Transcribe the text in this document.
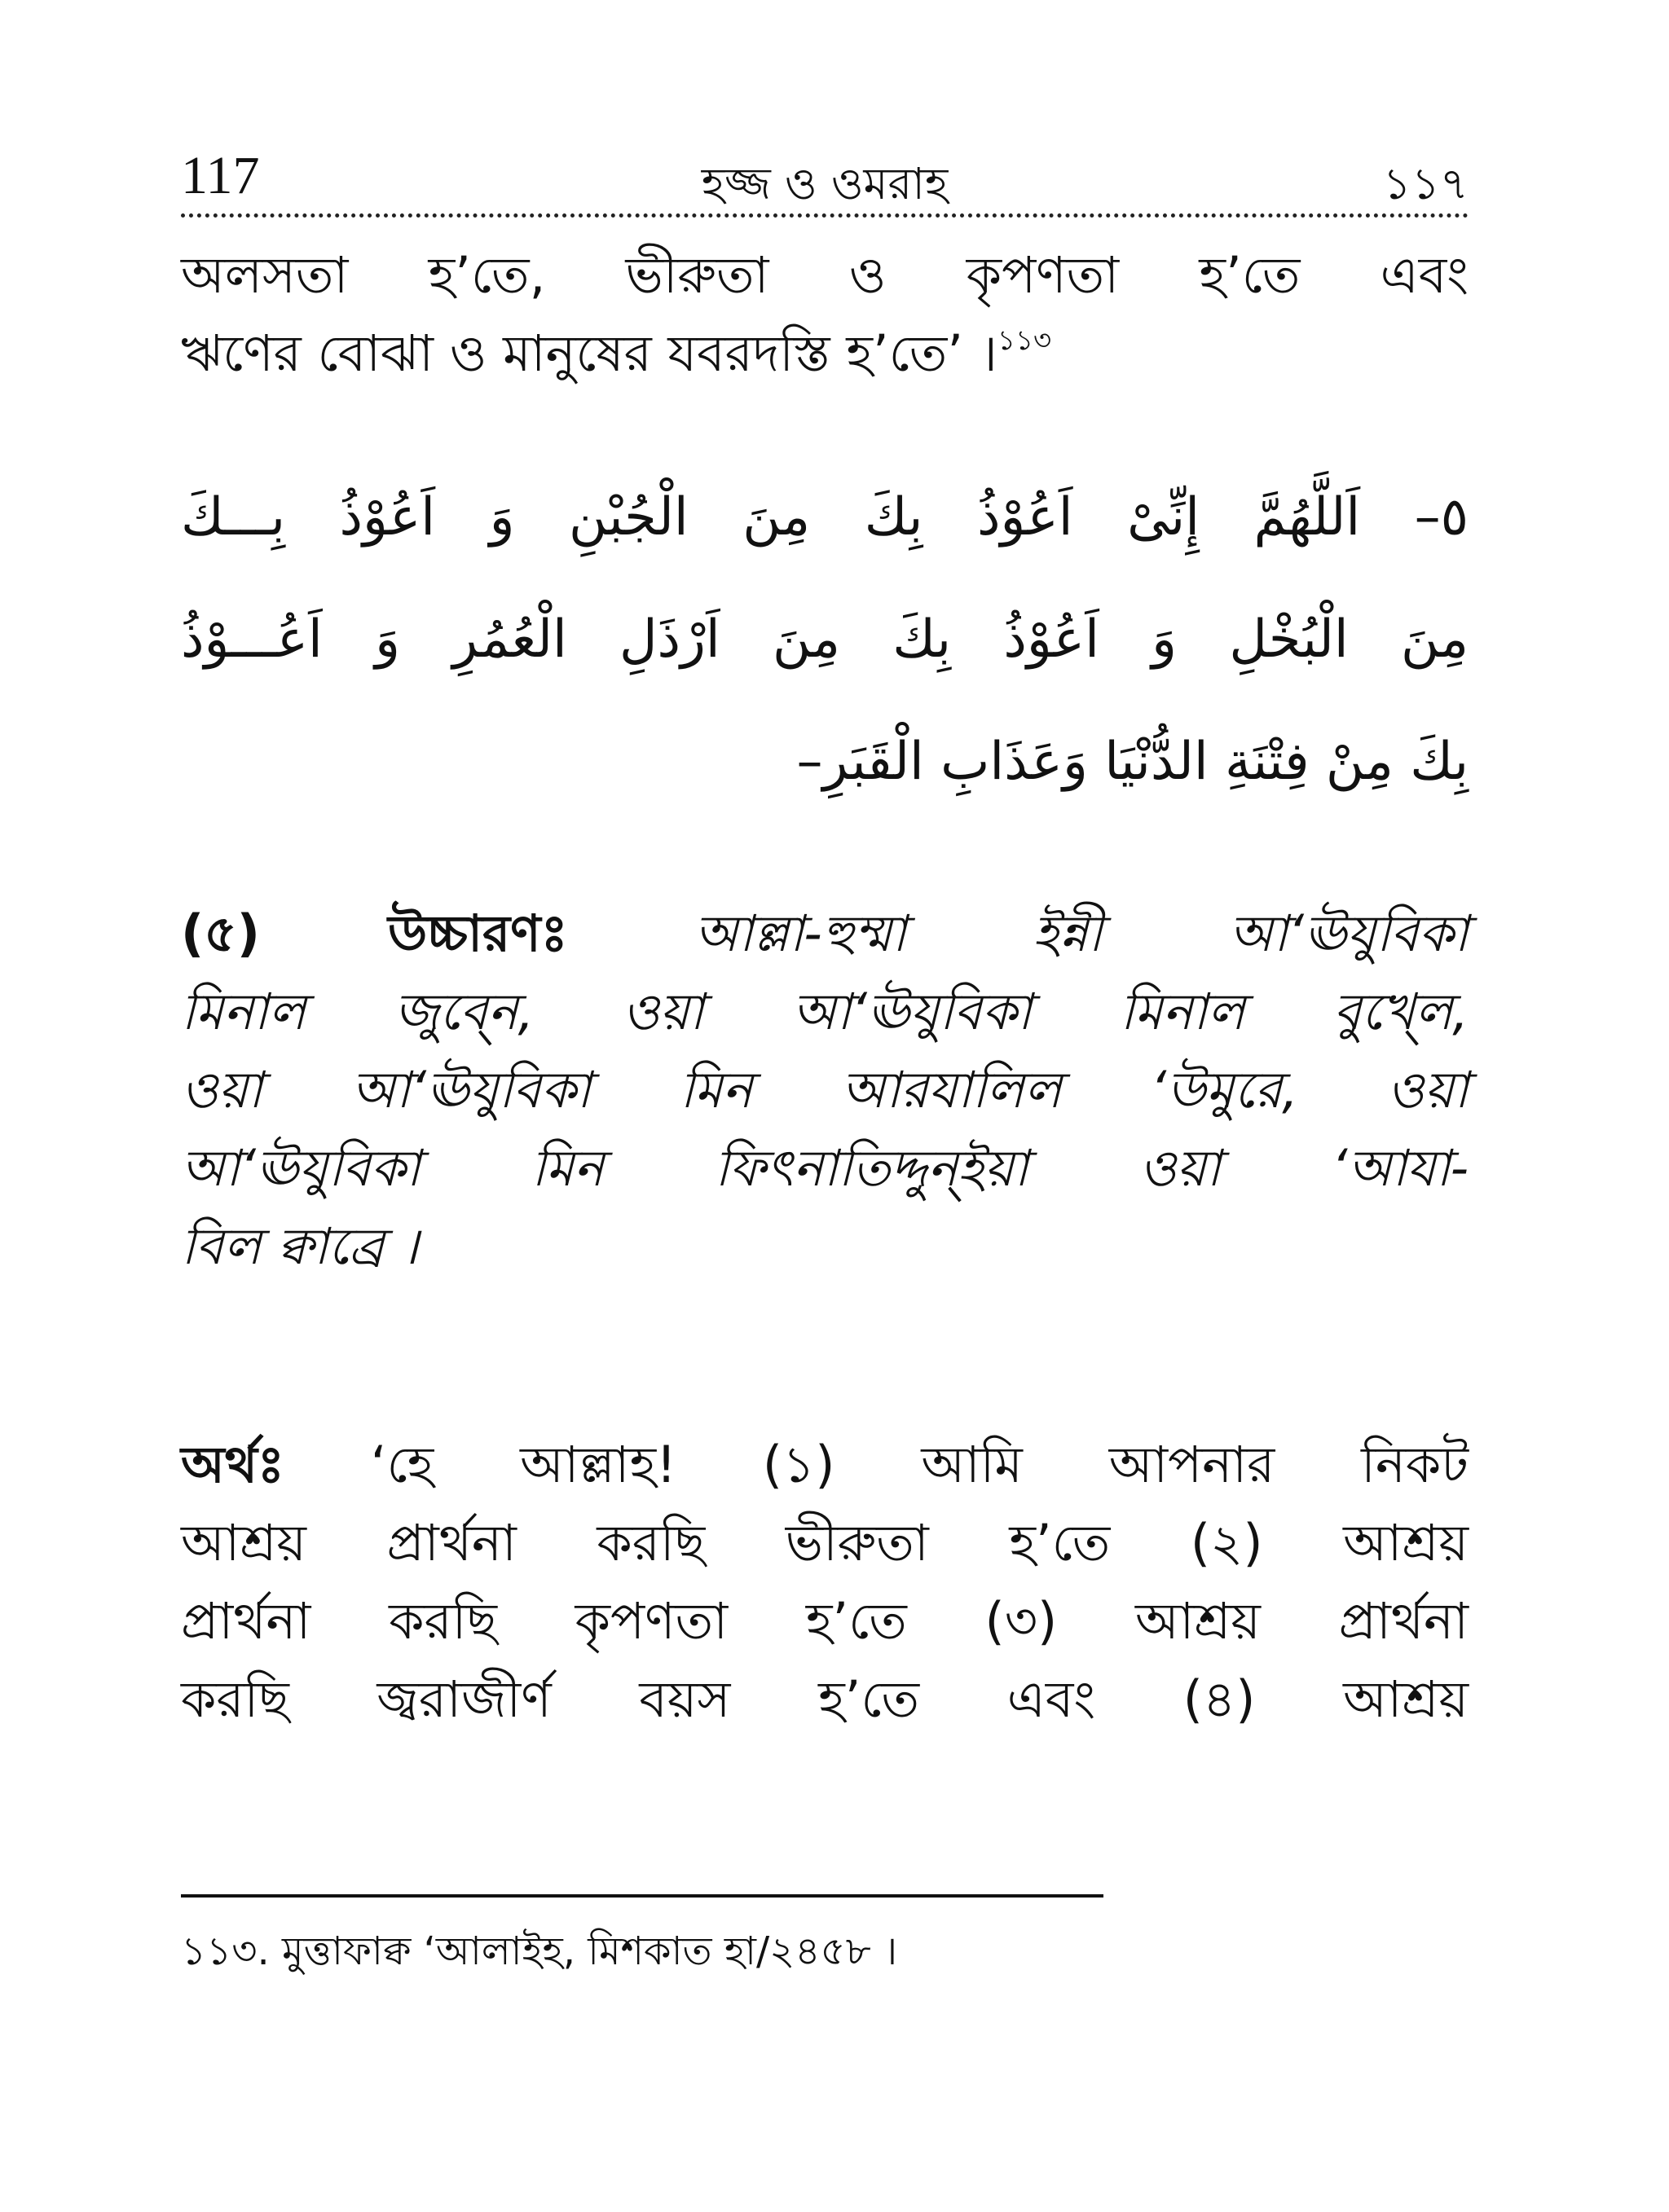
117	হজ্জ ও ওমরাহ	১১৭

অলসতা হ’তে, ভীরুতা ও কৃপণতা হ’তে এবং

ঋণের বোঝা ও মানুষের যবরদস্তি হ’তে’ ।$^{১১৩}$

٥– اَللَّهُمَّ إِنِّىْ اَعُوْذُ بِكَ مِنَ الْجُبْنِ وَ اَعُوْذُ بِـــكَ
مِنَ الْبُخْلِ وَ اَعُوْذُ بِكَ مِنَ اَرْذَلِ الْعُمُرِ وَ اَعُـــوْذُ
بِكَ مِنْ فِتْنَةِ الدُّنْيَا وَعَذَابِ الْقَبَرِ–

(৫) উচ্চারণঃ	আল্লা-হুম্মা ইন্নী আ‘ঊযুবিকা

মিনাল জুব্নে, ওয়া আ‘ঊযুবিকা মিনাল বুখ্লে,

ওয়া আ‘ঊযুবিকা মিন আরযালিল ‘উমুরে, ওয়া

আ‘ঊযুবিকা মিন ফিৎনাতিদ্দুন্ইয়া ওয়া ‘আযা-

বিল ক্বাব্রে ।

অর্থঃ ‘হে আল্লাহ! (১) আমি আপনার নিকট

আশ্রয় প্রার্থনা করছি ভীরুতা হ’তে (২) আশ্রয়

প্রার্থনা করছি কৃপণতা হ’তে (৩) আশ্রয় প্রার্থনা

করছি জ্বরাজীর্ণ বয়স হ’তে এবং (৪) আশ্রয়

১১৩. মুত্তাফাক্ব ‘আলাইহ, মিশকাত হা/২৪৫৮ ।
